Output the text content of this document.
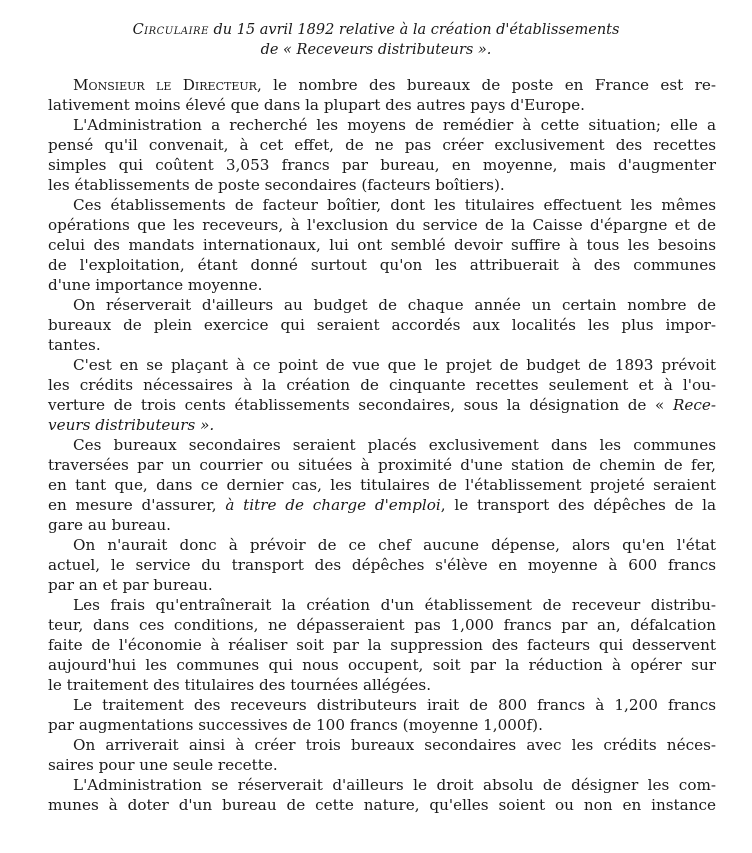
Circulaire du 15 avril 1892 relative à la création d'établissements
de « Receveurs distributeurs ».
Monsieur le Directeur, le nombre des bureaux de poste en France est re-
lativement moins élevé que dans la plupart des autres pays d'Europe.
L'Administration a recherché les moyens de remédier à cette situation; elle a
pensé qu'il convenait, à cet effet, de ne pas créer exclusivement des recettes
simples qui coûtent 3,053 francs par bureau, en moyenne, mais d'augmenter
les établissements de poste secondaires (facteurs boîtiers).
Ces établissements de facteur boîtier, dont les titulaires effectuent les mêmes
opérations que les receveurs, à l'exclusion du service de la Caisse d'épargne et de
celui des mandats internationaux, lui ont semblé devoir suffire à tous les besoins
de l'exploitation, étant donné surtout qu'on les attribuerait à des communes
d'une importance moyenne.
On réserverait d'ailleurs au budget de chaque année un certain nombre de
bureaux de plein exercice qui seraient accordés aux localités les plus impor-
tantes.
C'est en se plaçant à ce point de vue que le projet de budget de 1893 prévoit
les crédits nécessaires à la création de cinquante recettes seulement et à l'ou-
verture de trois cents établissements secondaires, sous la désignation de « Rece-
veurs distributeurs ».
Ces bureaux secondaires seraient placés exclusivement dans les communes
traversées par un courrier ou situées à proximité d'une station de chemin de fer,
en tant que, dans ce dernier cas, les titulaires de l'établissement projeté seraient
en mesure d'assurer, à titre de charge d'emploi, le transport des dépêches de la
gare au bureau.
On n'aurait donc à prévoir de ce chef aucune dépense, alors qu'en l'état
actuel, le service du transport des dépêches s'élève en moyenne à 600 francs
par an et par bureau.
Les frais qu'entraînerait la création d'un établissement de receveur distribu-
teur, dans ces conditions, ne dépasseraient pas 1,000 francs par an, défalcation
faite de l'économie à réaliser soit par la suppression des facteurs qui desservent
aujourd'hui les communes qui nous occupent, soit par la réduction à opérer sur
le traitement des titulaires des tournées allégées.
Le traitement des receveurs distributeurs irait de 800 francs à 1,200 francs
par augmentations successives de 100 francs (moyenne 1,000f).
On arriverait ainsi à créer trois bureaux secondaires avec les crédits néces-
saires pour une seule recette.
L'Administration se réserverait d'ailleurs le droit absolu de désigner les com-
munes à doter d'un bureau de cette nature, qu'elles soient ou non en instance
